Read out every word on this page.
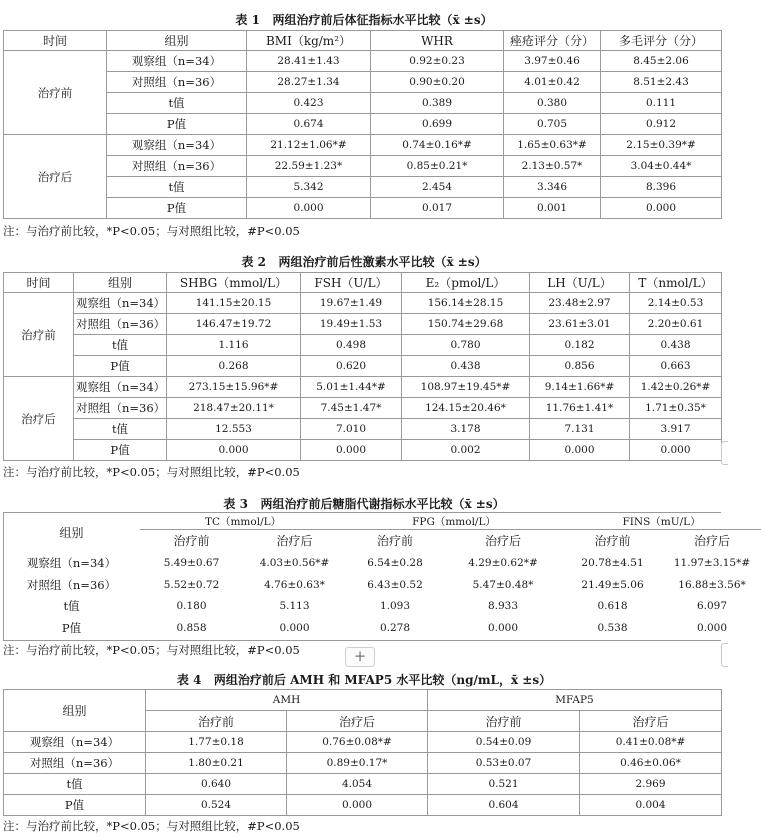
表 1   两组治疗前后体征指标水平比较（x̄ ±s）
时间	组别	BMI（kg/m²）	WHR	痤疮评分（分）	多毛评分（分）
治疗前	观察组（n=34）	28.41±1.43	0.92±0.23	3.97±0.46	8.45±2.06
	对照组（n=36）	28.27±1.34	0.90±0.20	4.01±0.42	8.51±2.43
	t值	0.423	0.389	0.380	0.111
	P值	0.674	0.699	0.705	0.912
治疗后	观察组（n=34）	21.12±1.06*#	0.74±0.16*#	1.65±0.63*#	2.15±0.39*#
	对照组（n=36）	22.59±1.23*	0.85±0.21*	2.13±0.57*	3.04±0.44*
	t值	5.342	2.454	3.346	8.396
	P值	0.000	0.017	0.001	0.000
注：与治疗前比较，*P<0.05；与对照组比较，#P<0.05
表 2   两组治疗前后性激素水平比较（x̄ ±s）
时间	组别	SHBG（mmol/L）	FSH（U/L）	E₂（pmol/L）	LH（U/L）	T（nmol/L）
治疗前	观察组（n=34）	141.15±20.15	19.67±1.49	156.14±28.15	23.48±2.97	2.14±0.53
	对照组（n=36）	146.47±19.72	19.49±1.53	150.74±29.68	23.61±3.01	2.20±0.61
	t值	1.116	0.498	0.780	0.182	0.438
	P值	0.268	0.620	0.438	0.856	0.663
治疗后	观察组（n=34）	273.15±15.96*#	5.01±1.44*#	108.97±19.45*#	9.14±1.66*#	1.42±0.26*#
	对照组（n=36）	218.47±20.11*	7.45±1.47*	124.15±20.46*	11.76±1.41*	1.71±0.35*
	t值	12.553	7.010	3.178	7.131	3.917
	P值	0.000	0.000	0.002	0.000	0.000
注：与治疗前比较，*P<0.05；与对照组比较，#P<0.05
表 3   两组治疗前后糖脂代谢指标水平比较（x̄ ±s）
组别	TC（mmol/L）		FPG（mmol/L）		FINS（mU/L）	
	治疗前	治疗后	治疗前	治疗后	治疗前	治疗后
观察组（n=34）	5.49±0.67	4.03±0.56*#	6.54±0.28	4.29±0.62*#	20.78±4.51	11.97±3.15*#
对照组（n=36）	5.52±0.72	4.76±0.63*	6.43±0.52	5.47±0.48*	21.49±5.06	16.88±3.56*
t值	0.180	5.113	1.093	8.933	0.618	6.097
P值	0.858	0.000	0.278	0.000	0.538	0.000
注：与治疗前比较，*P<0.05；与对照组比较，#P<0.05	+
表 4   两组治疗前后 AMH 和 MFAP5 水平比较（ng/mL，x̄ ±s）
组别	AMH		MFAP5	
	治疗前	治疗后	治疗前	治疗后
观察组（n=34）	1.77±0.18	0.76±0.08*#	0.54±0.09	0.41±0.08*#
对照组（n=36）	1.80±0.21	0.89±0.17*	0.53±0.07	0.46±0.06*
t值	0.640	4.054	0.521	2.969
P值	0.524	0.000	0.604	0.004
注：与治疗前比较，*P<0.05；与对照组比较，#P<0.05
